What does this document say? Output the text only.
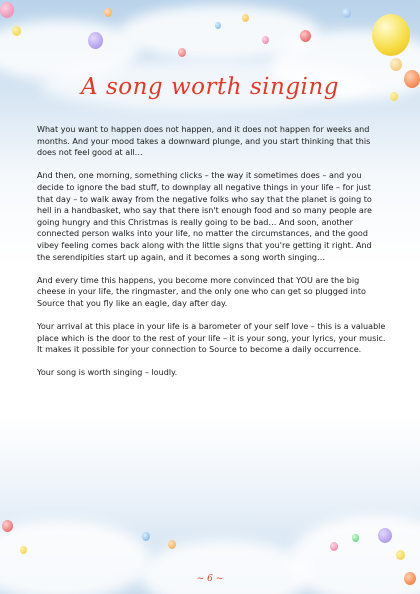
A song worth singing

What you want to happen does not happen, and it does not happen for weeks and months. And your mood takes a downward plunge, and you start thinking that this does not feel good at all…

And then, one morning, something clicks – the way it sometimes does – and you decide to ignore the bad stuff, to downplay all negative things in your life – for just that day – to walk away from the negative folks who say that the planet is going to hell in a handbasket, who say that there isn't enough food and so many people are going hungry and this Christmas is really going to be bad… And soon, another connected person walks into your life, no matter the circumstances, and the good vibey feeling comes back along with the little signs that you're getting it right. And the serendipities start up again, and it becomes a song worth singing…

And every time this happens, you become more convinced that YOU are the big cheese in your life, the ringmaster, and the only one who can get so plugged into Source that you fly like an eagle, day after day.

Your arrival at this place in your life is a barometer of your self love – this is a valuable place which is the door to the rest of your life – it is your song, your lyrics, your music. It makes it possible for your connection to Source to become a daily occurrence.

Your song is worth singing – loudly.

~ 6 ~
